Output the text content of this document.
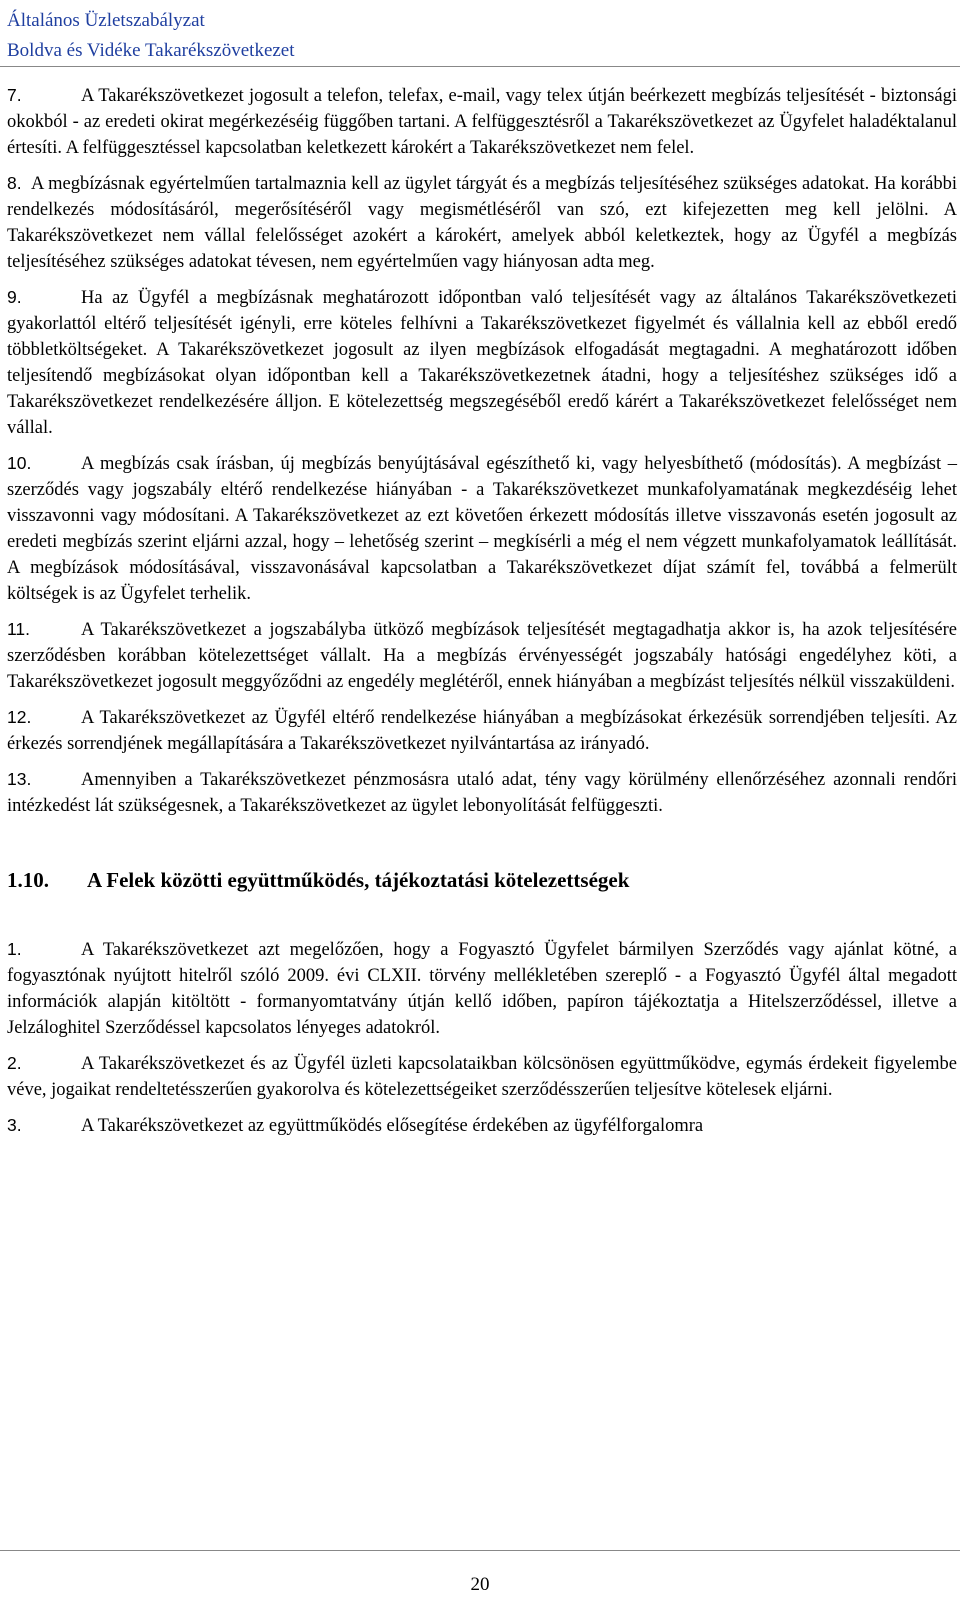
Általános Üzletszabályzat
Boldva és Vidéke Takarékszövetkezet

7.	A Takarékszövetkezet jogosult a telefon, telefax, e-mail, vagy telex útján beérkezett megbízás teljesítését - biztonsági okokból - az eredeti okirat megérkezéséig függőben tartani. A felfüggesztésről a Takarékszövetkezet az Ügyfelet haladéktalanul értesíti. A felfüggesztéssel kapcsolatban keletkezett károkért a Takarékszövetkezet nem felel.

8. A megbízásnak egyértelműen tartalmaznia kell az ügylet tárgyát és a megbízás teljesítéséhez szükséges adatokat. Ha korábbi rendelkezés módosításáról, megerősítéséről vagy megismétléséről van szó, ezt kifejezetten meg kell jelölni. A Takarékszövetkezet nem vállal felelősséget azokért a károkért, amelyek abból keletkeztek, hogy az Ügyfél a megbízás teljesítéséhez szükséges adatokat tévesen, nem egyértelműen vagy hiányosan adta meg.

9.	Ha az Ügyfél a megbízásnak meghatározott időpontban való teljesítését vagy az általános Takarékszövetkezeti gyakorlattól eltérő teljesítését igényli, erre köteles felhívni a Takarékszövetkezet figyelmét és vállalnia kell az ebből eredő többletköltségeket. A Takarékszövetkezet jogosult az ilyen megbízások elfogadását megtagadni. A meghatározott időben teljesítendő megbízásokat olyan időpontban kell a Takarékszövetkezetnek átadni, hogy a teljesítéshez szükséges idő a Takarékszövetkezet rendelkezésére álljon. E kötelezettség megszegéséből eredő kárért a Takarékszövetkezet felelősséget nem vállal.

10.	A megbízás csak írásban, új megbízás benyújtásával egészíthető ki, vagy helyesbíthető (módosítás). A megbízást – szerződés vagy jogszabály eltérő rendelkezése hiányában - a Takarékszövetkezet munkafolyamatának megkezdéséig lehet visszavonni vagy módosítani. A Takarékszövetkezet az ezt követően érkezett módosítás illetve visszavonás esetén jogosult az eredeti megbízás szerint eljárni azzal, hogy – lehetőség szerint – megkísérli a még el nem végzett munkafolyamatok leállítását. A megbízások módosításával, visszavonásával kapcsolatban a Takarékszövetkezet díjat számít fel, továbbá a felmerült költségek is az Ügyfelet terhelik.

11.	A Takarékszövetkezet a jogszabályba ütköző megbízások teljesítését megtagadhatja akkor is, ha azok teljesítésére szerződésben korábban kötelezettséget vállalt. Ha a megbízás érvényességét jogszabály hatósági engedélyhez köti, a Takarékszövetkezet jogosult meggyőződni az engedély meglétéről, ennek hiányában a megbízást teljesítés nélkül visszaküldeni.

12.	A Takarékszövetkezet az Ügyfél eltérő rendelkezése hiányában a megbízásokat érkezésük sorrendjében teljesíti. Az érkezés sorrendjének megállapítására a Takarékszövetkezet nyilvántartása az irányadó.

13.	Amennyiben a Takarékszövetkezet pénzmosásra utaló adat, tény vagy körülmény ellenőrzéséhez azonnali rendőri intézkedést lát szükségesnek, a Takarékszövetkezet az ügylet lebonyolítását felfüggeszti.

1.10. A Felek közötti együttműködés, tájékoztatási kötelezettségek

1.	A Takarékszövetkezet azt megelőzően, hogy a Fogyasztó Ügyfelet bármilyen Szerződés vagy ajánlat kötné, a fogyasztónak nyújtott hitelről szóló 2009. évi CLXII. törvény mellékletében szereplő - a Fogyasztó Ügyfél által megadott információk alapján kitöltött - formanyomtatvány útján kellő időben, papíron tájékoztatja a Hitelszerződéssel, illetve a Jelzáloghitel Szerződéssel kapcsolatos lényeges adatokról.

2.	A Takarékszövetkezet és az Ügyfél üzleti kapcsolataikban kölcsönösen együttműködve, egymás érdekeit figyelembe véve, jogaikat rendeltetésszerűen gyakorolva és kötelezettségeiket szerződésszerűen teljesítve kötelesek eljárni.

3.	A Takarékszövetkezet az együttműködés elősegítése érdekében az ügyfélforgalomra

20
